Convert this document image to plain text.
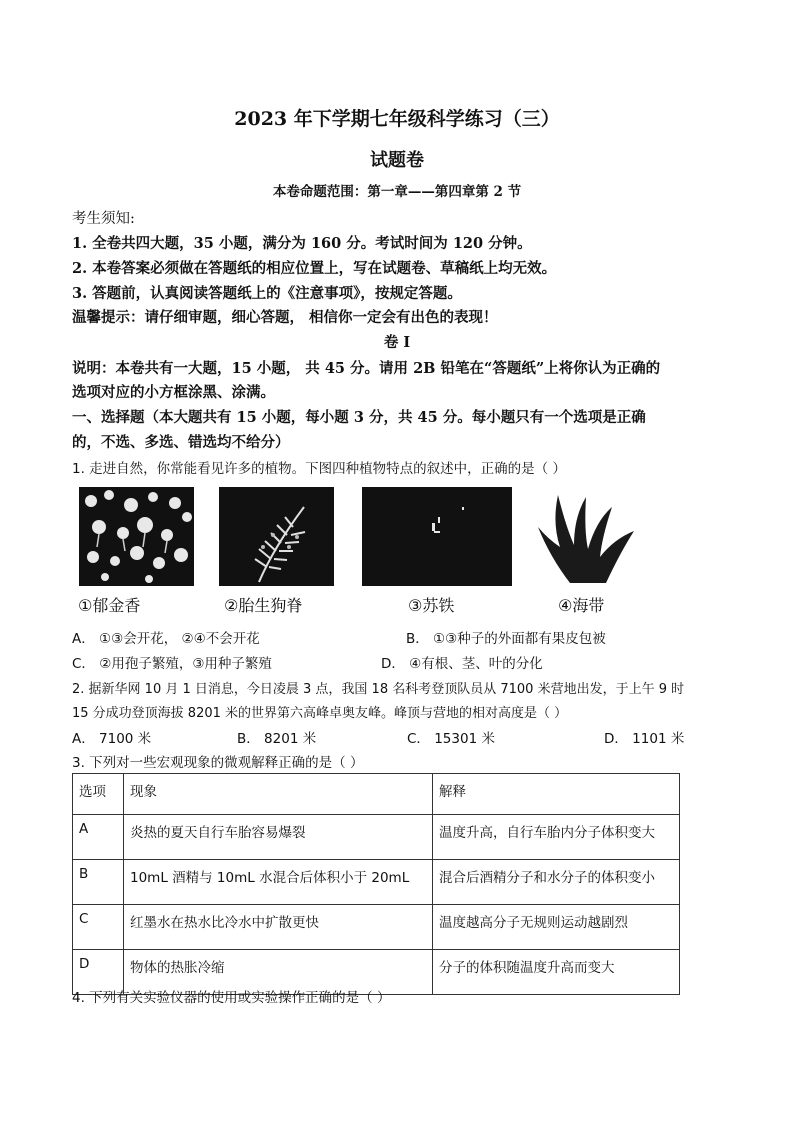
2023 年下学期七年级科学练习（三）
试题卷
本卷命题范围：第一章——第四章第 2 节
考生须知:
1. 全卷共四大题，35 小题，满分为 160 分。考试时间为 120 分钟。
2. 本卷答案必须做在答题纸的相应位置上，写在试题卷、草稿纸上均无效。
3. 答题前，认真阅读答题纸上的《注意事项》，按规定答题。
温馨提示：请仔细审题，细心答题， 相信你一定会有出色的表现！
卷 I
说明：本卷共有一大题，15 小题， 共 45 分。请用 2B 铅笔在“答题纸”上将你认为正确的
选项对应的小方框涂黑、涂满。
一、选择题（本大题共有 15 小题，每小题 3 分，共 45 分。每小题只有一个选项是正确
的，不选、多选、错选均不给分）
1. 走进自然，你常能看见许多的植物。下图四种植物特点的叙述中，正确的是（ ）
①郁金香	②胎生狗脊	③苏铁	④海带
A． ①③会开花， ②④不会开花	B． ①③种子的外面都有果皮包被
C． ②用孢子繁殖，③用种子繁殖	D． ④有根、茎、叶的分化
2. 据新华网 10 月 1 日消息，今日凌晨 3 点，我国 18 名科考登顶队员从 7100 米营地出发，于上午 9 时
15 分成功登顶海拔 8201 米的世界第六高峰卓奥友峰。峰顶与营地的相对高度是（ ）
A． 7100 米	B． 8201 米	C． 15301 米	D． 1101 米
3. 下列对一些宏观现象的微观解释正确的是（ ）
选项	现象	解释
A	炎热的夏天自行车胎容易爆裂	温度升高，自行车胎内分子体积变大
B	10mL 酒精与 10mL 水混合后体积小于 20mL	混合后酒精分子和水分子的体积变小
C	红墨水在热水比冷水中扩散更快	温度越高分子无规则运动越剧烈
D	物体的热胀冷缩	分子的体积随温度升高而变大
4. 下列有关实验仪器的使用或实验操作正确的是（ ）
